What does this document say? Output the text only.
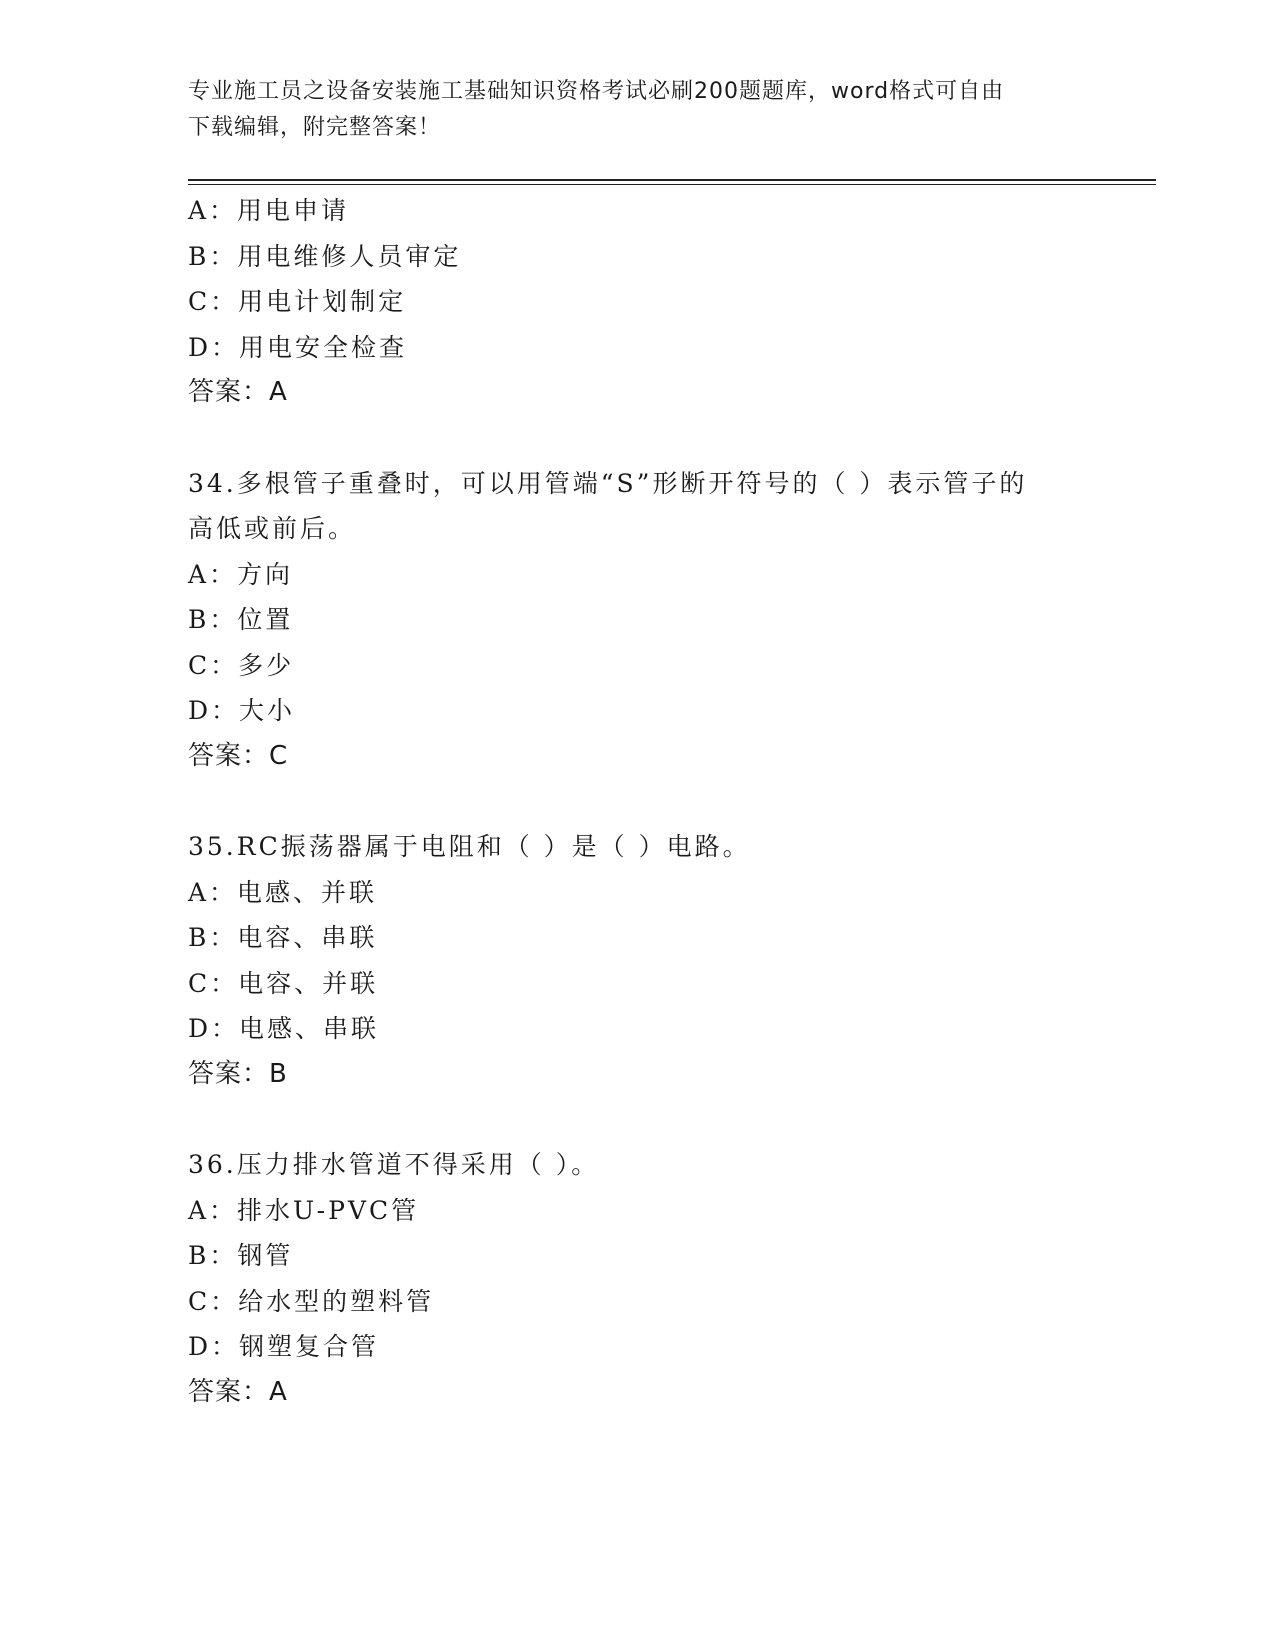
专业施工员之设备安装施工基础知识资格考试必刷200题题库，word格式可自由
下载编辑，附完整答案！
A：用电申请
B：用电维修人员审定
C：用电计划制定
D：用电安全检查
答案：A
34.多根管子重叠时，可以用管端“S”形断开符号的（ ）表示管子的
高低或前后。
A：方向
B：位置
C：多少
D：大小
答案：C
35.RC振荡器属于电阻和（ ）是（ ）电路。
A：电感、并联
B：电容、串联
C：电容、并联
D：电感、串联
答案：B
36.压力排水管道不得采用（ ）。
A：排水U-PVC管
B：钢管
C：给水型的塑料管
D：钢塑复合管
答案：A
